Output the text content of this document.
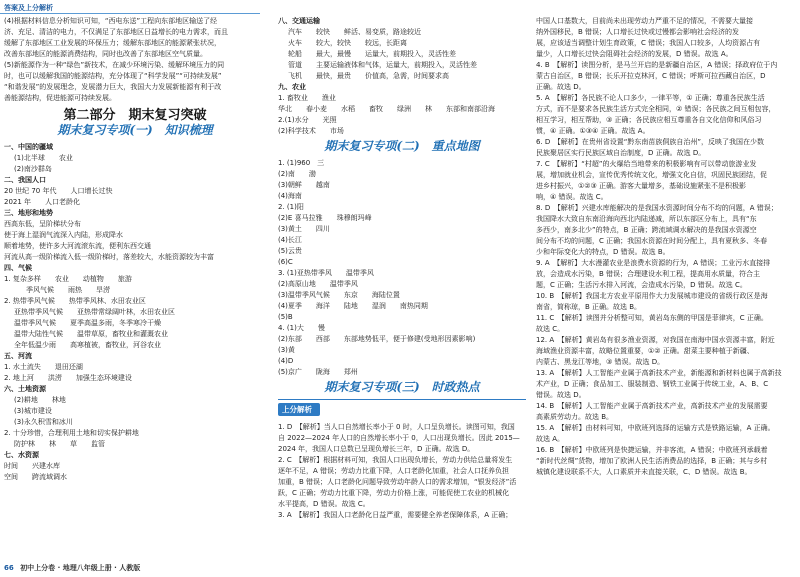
答案及上分解析

(4)根据材料信息分析知识可知，“西电东送”工程向东部地区输送了经

济、充足、清洁的电力，不仅满足了东部地区日益增长的电力需求，而且

缓解了东部地区工业发展的环保压力；缓解东部地区的能源紧张状况，

改善东部地区的能源消费结构，同时也改善了东部地区空气质量。

(5)新能源作为一种“绿色”新技术，在减少环境污染、缓解环境压力的同

时，也可以缓解我国的能源结构，充分体现了“科学发展”“可持续发展”

“和谐发展”的发展理念，发展潜力巨大，我国大力发展新能源有利于改

善能源结构，促进能源可持续发展。

第二部分　期末复习突破
期末复习专项(一)　知识梳理

一、中国的疆域

(1)北半球　　农业

(2)南沙群岛

二、我国人口

20 世纪 70 年代　　人口增长过快

2021 年　　人口老龄化

三、地形和地势

西高东低，呈阶梯状分布

使于海上湿润气流深入内陆，形成降水

顺着地势，使许多大河流滚东流，便利东西交通

河流从高一级阶梯流入低一级阶梯时，落差较大，水能资源较为丰富

四、气候

1. 复杂多样　　农业　　动植物　　旅游

季风气候　　雨热　　旱涝

2. 热带季风气候　　热带季风林、水田农业区

亚热带季风气候　　亚热带常绿阔叶林，水田农业区

温带季风气候　　夏季高温多雨，冬季寒冷干燥

温带大陆性气候　　温带草原，畜牧业和灌溉农业

全年低温少雨　　高寒植被，畜牧业，河谷农业

五、河流

1. 水土流失　　退田还湖

2. 地上河　　洪涝　　加强生态环境建设

六、土地资源

(2)耕地　　林地

(3)城市建设

(3)永久积雪和冰川

2. 十分珍惜，合理利用土地和切实保护耕地

防护林　　林　　草　　监管

七、水资源

时间　　兴建水库

空间　　跨流域调水

八、交通运输

汽车　　较快　　鲜活、易变质，路途较近

火车　　较大，较快　　较远，长距离

轮船　　最大，最慢　　运量大，前期投入，灵活性差

管道　　主要运输液体和气体，运量大，前期投入，灵活性差

飞机　　最快，最贵　　价值高，急需，时间要求高

九、农业

1. 畜牧业　　渔业

华北　　春小麦　　水稻　　畜牧　　绿洲　　林　　东部和南部沿海

2.(1)水分　　光照

(2)科学技术　　市场

期末复习专项(二)　重点地图

1. (1)960　三

(2)南　　渤

(3)朝鲜　　越南

(4)海南

2. (1)阳

(2)E 喜马拉雅　　珠穆朗玛峰

(3)黄土　　四川

(4)长江

(5)云贵

(6)C

3. (1)亚热带季风　　温带季风

(2)高原山地　　温带季风

(3)温带季风气候　　东京　　海陆位置

(4)夏季　　海洋　　陆地　　湿润　　南热同期

(5)B

4. (1)大　　慢

(2)东部　　西部　　东部地势低平，便于修建(受地形因素影响)

(3)黄

(4)D

(5)京广　　陇海　　郑州

期末复习专项(三)　时政热点
上分解析

1. D　【解析】当人口自然增长率小于 0 时，人口呈负增长。读图可知，我国

自 2022—2024 年人口的自然增长率小于 0，人口出现负增长。因此 2015—

2024 年，我国人口总数已呈现负增长三年，D 正确。故选 D。

2. C　【解析】根据材料可知，我国人口出现负增长，劳动力供给总量将发生

逐年不足，A 错误；劳动力比重下降，人口老龄化加重，社会人口抚养负担

加重，B 错误；人口老龄化问题导致劳动年龄人口的需求增加，“银发经济”活

跃，C 正确；劳动力比重下降，劳动力价格上涨，可能促使工农业的机械化

水平提高，D 错误。故选 C。

3. A　【解析】我国人口老龄化日益严重，需要健全养老保障体系，A 正确；

中国人口基数大，目前尚未出现劳动力严重不足的情况，不需要大量接

纳外国移民，B 错误；人口增长过快或过慢都会影响社会经济的发

展，应该适当调整计划生育政策，C 错误；我国人口较多，人均资源占有

量少，人口增长过快会阻碍社会经济的发展，D 错误。故选 A。

4. B　【解析】读图分析，是马兰开启的是新疆自治区，A 错误；择政府位于内

蒙古自治区，B 错误；长乐开拉克林河，C 错误；呼斯可拉西藏自治区，D

正确。故选 D。

5. A　【解析】各民族不论人口多少，一律平等，① 正确；尊重各民族生活

方式，而不是要求各民族生活方式完全相同，② 错误；各民族之间互相包容，

相互学习，相互帮助，③ 正确；各民族应相互尊重各自文化信仰和风俗习

惯，④ 正确。①③④ 正确。故选 A。

6. D　【解析】在贵州省设置“黔东南苗族侗族自治州”，反映了我国在少数

民族聚居区实行民族区域自治制度，D 正确。故选 D。

7. C　【解析】“村超”的火爆给当地带来的积极影响有可以带动旅游业发

展，增加就业机会，宣传优秀传统文化，增强文化自信，巩固民族团结，促

进乡村振兴，①②③ 正确。游客大量增多，基础设施紧张不是积极影

响，④ 错误。故选 C。

8. D　【解析】兴建水库能解决的是我国水资源时间分布不均的问题，A 错误；

我国降水大致自东南沿海向西北内陆递减，所以东部区分布上，具有“东

多西少，南多北少”的特点，B 正确；跨流域调水解决的是我国水资源空

间分布不均的问题，C 正确；我国水资源在时间分配上，具有夏秋多、冬春

少和年际变化大的特点，D 错误。故选 B。

9. A　【解析】大水漫灌农业是浪费水资源的行为，A 错误；工业污水直接排

放，会造成水污染，B 错误；合理建设水利工程，提高用水质量，符合主

题，C 正确；生活污水排入河流，会造成水污染，D 错误。故选 C。

10. B　【解析】我国北方农业平原用作大力发展城市建设的省级行政区是海

南省，简称琼，B 正确。故选 B。

11. C　【解析】读图并分析整可知，黄岩岛东侧的甲国是菲律宾，C 正确。

故选 C。

12. A　【解析】黄岩岛有很多渔业资源，对我国在南海中国水资源丰富，附近

海域渔业资源丰富，故略位置重要，①② 正确。甜菜主要种植于新疆、

内蒙古、黑龙江等地，③ 错误。故选 D。

13. A　【解析】人工智能产业属于高新技术产业，新能源和新材料也属于高新技

术产业，D 正确；食品加工、服装制造、钢铁工业属于传统工业，A、B、C

错误。故选 D。

14. B　【解析】人工智能产业属于高新技术产业，高新技术产业的发展需要

高素质劳动力。故选 B。

15. A　【解析】由材料可知，中欧班列选择的运输方式是铁路运输，A 正确。

故选 A。

16. B　【解析】中欧班列是快捷运输，并非客流，A 错误；中欧班列承载着

“新时代丝绸”货物，增加了欧洲人民生活消费品的选择，B 正确；其与乡村

城镇化建设联系不大，人口素质并未直接关联，C、D 错误。故选 B。

66 初中上分卷 · 地理八年级上册 · 人教版
